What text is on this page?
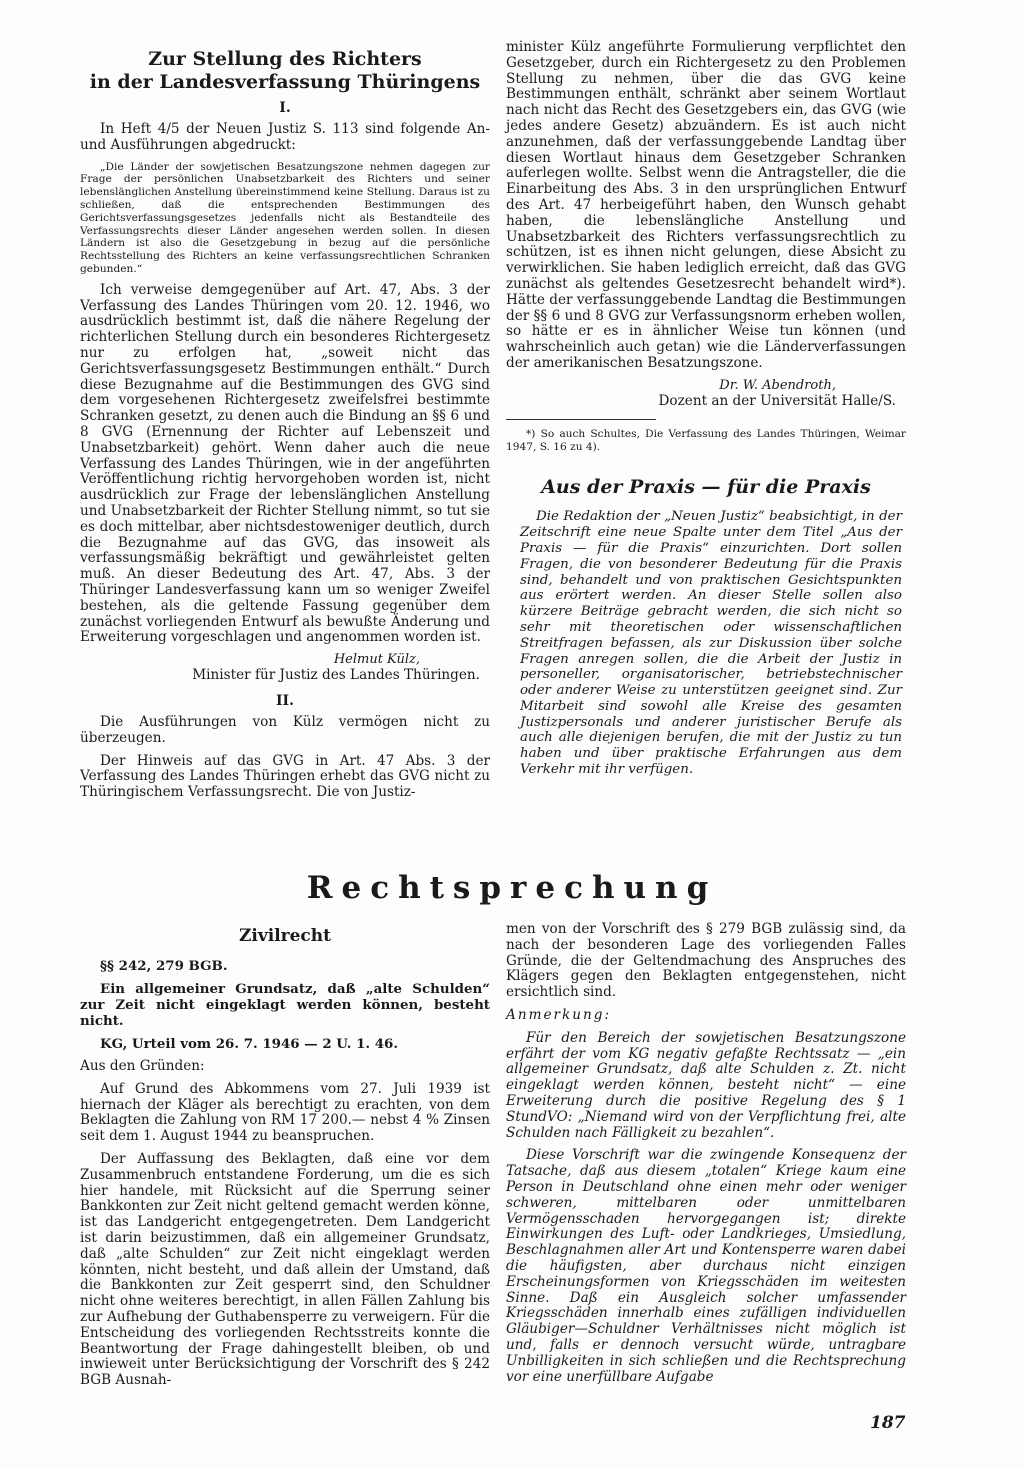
Zur Stellung des Richters
in der Landesverfassung Thüringens
I.

In Heft 4/5 der Neuen Justiz S. 113 sind folgende An- und Ausführungen abgedruckt:

„Die Länder der sowjetischen Besatzungszone nehmen dagegen zur Frage der persönlichen Unabsetzbarkeit des Richters und seiner lebenslänglichen Anstellung übereinstimmend keine Stellung. Daraus ist zu schließen, daß die entsprechenden Bestimmungen des Gerichtsverfassungsgesetzes jedenfalls nicht als Bestandteile des Verfassungsrechts dieser Länder angesehen werden sollen. In diesen Ländern ist also die Gesetzgebung in bezug auf die persönliche Rechtsstellung des Richters an keine verfassungsrechtlichen Schranken gebunden.“

Ich verweise demgegenüber auf Art. 47, Abs. 3 der Verfassung des Landes Thüringen vom 20. 12. 1946, wo ausdrücklich bestimmt ist, daß die nähere Regelung der richterlichen Stellung durch ein besonderes Richtergesetz nur zu erfolgen hat, „soweit nicht das Gerichtsverfassungsgesetz Bestimmungen enthält.“ Durch diese Bezugnahme auf die Bestimmungen des GVG sind dem vorgesehenen Richtergesetz zweifelsfrei bestimmte Schranken gesetzt, zu denen auch die Bindung an §§ 6 und 8 GVG (Ernennung der Richter auf Lebenszeit und Unabsetzbarkeit) gehört. Wenn daher auch die neue Verfassung des Landes Thüringen, wie in der angeführten Veröffentlichung richtig hervorgehoben worden ist, nicht ausdrücklich zur Frage der lebenslänglichen Anstellung und Unabsetzbarkeit der Richter Stellung nimmt, so tut sie es doch mittelbar, aber nichtsdestoweniger deutlich, durch die Bezugnahme auf das GVG, das insoweit als verfassungsmäßig bekräftigt und gewährleistet gelten muß. An dieser Bedeutung des Art. 47, Abs. 3 der Thüringer Landesverfassung kann um so weniger Zweifel bestehen, als die geltende Fassung gegenüber dem zunächst vorliegenden Entwurf als bewußte Änderung und Erweiterung vorgeschlagen und angenommen worden ist.

Helmut Külz,
Minister für Justiz des Landes Thüringen.
II.

Die Ausführungen von Külz vermögen nicht zu überzeugen.

Der Hinweis auf das GVG in Art. 47 Abs. 3 der Verfassung des Landes Thüringen erhebt das GVG nicht zu Thüringischem Verfassungsrecht. Die von Justiz-

minister Külz angeführte Formulierung verpflichtet den Gesetzgeber, durch ein Richtergesetz zu den Problemen Stellung zu nehmen, über die das GVG keine Bestimmungen enthält, schränkt aber seinem Wortlaut nach nicht das Recht des Gesetzgebers ein, das GVG (wie jedes andere Gesetz) abzuändern. Es ist auch nicht anzunehmen, daß der verfassunggebende Landtag über diesen Wortlaut hinaus dem Gesetzgeber Schranken auferlegen wollte. Selbst wenn die Antragsteller, die die Einarbeitung des Abs. 3 in den ursprünglichen Entwurf des Art. 47 herbeigeführt haben, den Wunsch gehabt haben, die lebenslängliche Anstellung und Unabsetzbarkeit des Richters verfassungsrechtlich zu schützen, ist es ihnen nicht gelungen, diese Absicht zu verwirklichen. Sie haben lediglich erreicht, daß das GVG zunächst als geltendes Gesetzesrecht behandelt wird*). Hätte der verfassunggebende Landtag die Bestimmungen der §§ 6 und 8 GVG zur Verfassungsnorm erheben wollen, so hätte er es in ähnlicher Weise tun können (und wahrscheinlich auch getan) wie die Länderverfassungen der amerikanischen Besatzungszone.

Dr. W. Abendroth,
Dozent an der Universität Halle/S.

*) So auch Schultes, Die Verfassung des Landes Thüringen, Weimar 1947, S. 16 zu 4).

Aus der Praxis — für die Praxis

Die Redaktion der „Neuen Justiz“ beabsichtigt, in der Zeitschrift eine neue Spalte unter dem Titel „Aus der Praxis — für die Praxis“ einzurichten. Dort sollen Fragen, die von besonderer Bedeutung für die Praxis sind, behandelt und von praktischen Gesichtspunkten aus erörtert werden. An dieser Stelle sollen also kürzere Beiträge gebracht werden, die sich nicht so sehr mit theoretischen oder wissenschaftlichen Streitfragen befassen, als zur Diskussion über solche Fragen anregen sollen, die die Arbeit der Justiz in personeller, organisatorischer, betriebstechnischer oder anderer Weise zu unterstützen geeignet sind. Zur Mitarbeit sind sowohl alle Kreise des gesamten Justizpersonals und anderer juristischer Berufe als auch alle diejenigen berufen, die mit der Justiz zu tun haben und über praktische Erfahrungen aus dem Verkehr mit ihr verfügen.

Rechtsprechung
Zivilrecht

§§ 242, 279 BGB.

Ein allgemeiner Grundsatz, daß „alte Schulden“ zur Zeit nicht eingeklagt werden können, besteht nicht.

KG, Urteil vom 26. 7. 1946 — 2 U. 1. 46.

Aus den Gründen:

Auf Grund des Abkommens vom 27. Juli 1939 ist hiernach der Kläger als berechtigt zu erachten, von dem Beklagten die Zahlung von RM 17 200.— nebst 4 % Zinsen seit dem 1. August 1944 zu beanspruchen.

Der Auffassung des Beklagten, daß eine vor dem Zusammenbruch entstandene Forderung, um die es sich hier handele, mit Rücksicht auf die Sperrung seiner Bankkonten zur Zeit nicht geltend gemacht werden könne, ist das Landgericht entgegengetreten. Dem Landgericht ist darin beizustimmen, daß ein allgemeiner Grundsatz, daß „alte Schulden“ zur Zeit nicht eingeklagt werden könnten, nicht besteht, und daß allein der Umstand, daß die Bankkonten zur Zeit gesperrt sind, den Schuldner nicht ohne weiteres berechtigt, in allen Fällen Zahlung bis zur Aufhebung der Guthabensperre zu verweigern. Für die Entscheidung des vorliegenden Rechtsstreits konnte die Beantwortung der Frage dahingestellt bleiben, ob und inwieweit unter Berücksichtigung der Vorschrift des § 242 BGB Ausnah-

men von der Vorschrift des § 279 BGB zulässig sind, da nach der besonderen Lage des vorliegenden Falles Gründe, die der Geltendmachung des Anspruches des Klägers gegen den Beklagten entgegenstehen, nicht ersichtlich sind.

Anmerkung:

Für den Bereich der sowjetischen Besatzungszone erfährt der vom KG negativ gefaßte Rechtssatz — „ein allgemeiner Grundsatz, daß alte Schulden z. Zt. nicht eingeklagt werden können, besteht nicht“ — eine Erweiterung durch die positive Regelung des § 1 StundVO: „Niemand wird von der Verpflichtung frei, alte Schulden nach Fälligkeit zu bezahlen“.

Diese Vorschrift war die zwingende Konsequenz der Tatsache, daß aus diesem „totalen“ Kriege kaum eine Person in Deutschland ohne einen mehr oder weniger schweren, mittelbaren oder unmittelbaren Vermögensschaden hervorgegangen ist; direkte Einwirkungen des Luft- oder Landkrieges, Umsiedlung, Beschlagnahmen aller Art und Kontensperre waren dabei die häufigsten, aber durchaus nicht einzigen Erscheinungsformen von Kriegsschäden im weitesten Sinne. Daß ein Ausgleich solcher umfassender Kriegsschäden innerhalb eines zufälligen individuellen Gläubiger—Schuldner Verhältnisses nicht möglich ist und, falls er dennoch versucht würde, untragbare Unbilligkeiten in sich schließen und die Rechtsprechung vor eine unerfüllbare Aufgabe

187
